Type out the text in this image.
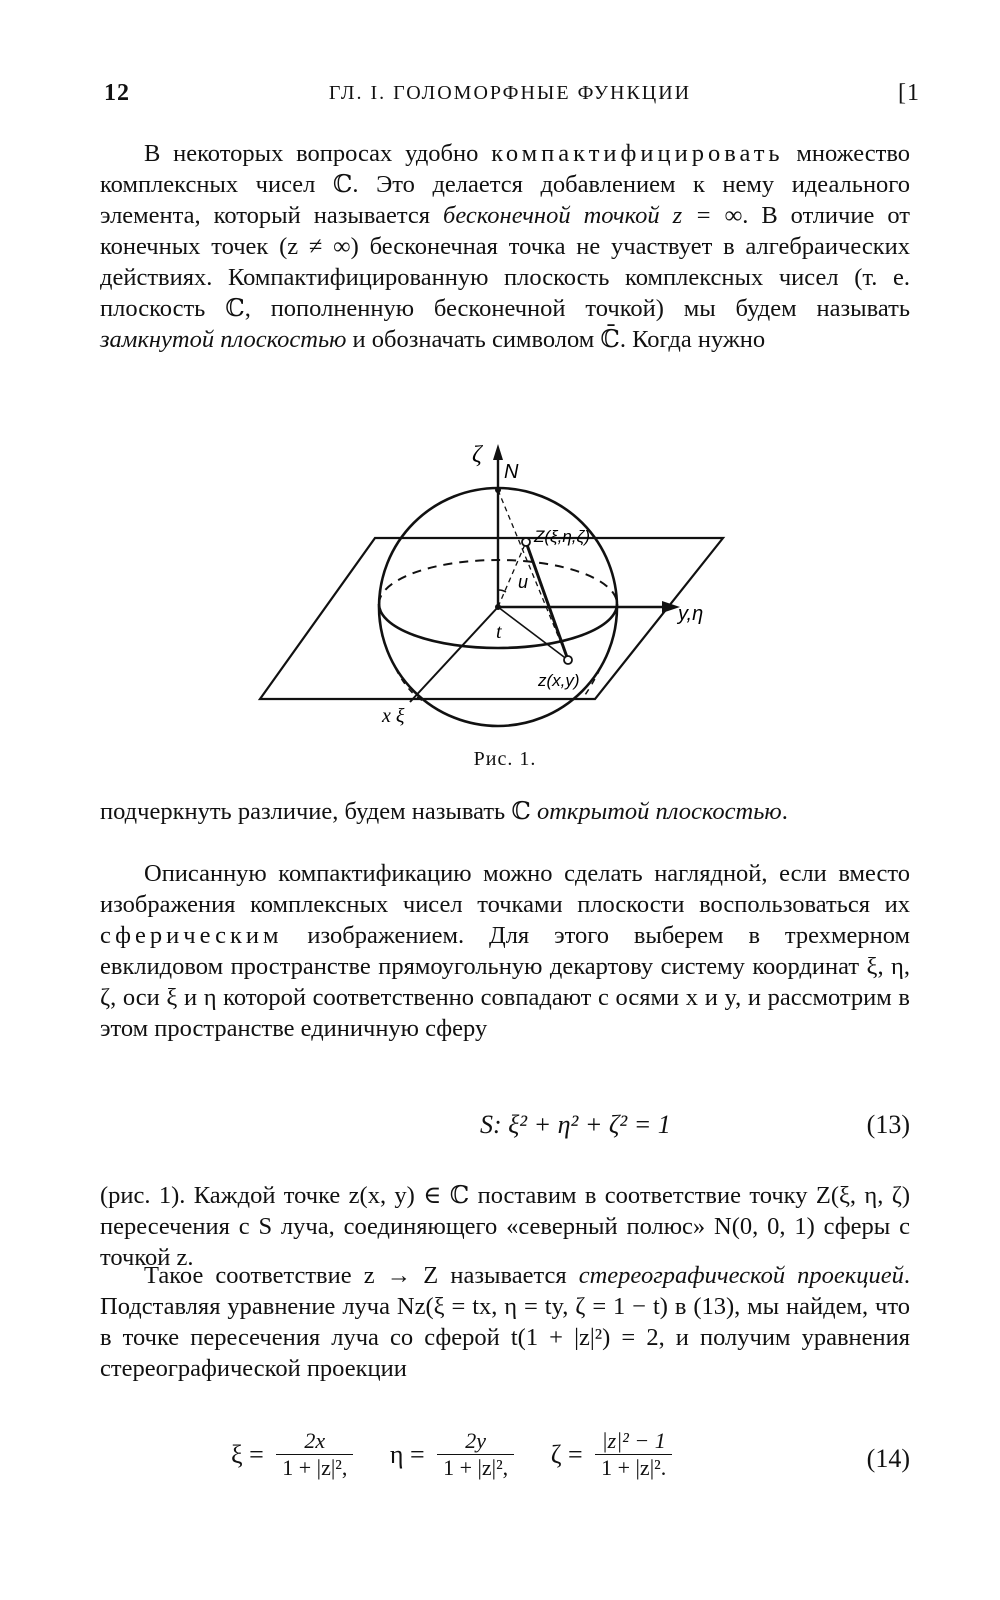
12	ГЛ. I. ГОЛОМОРФНЫЕ ФУНКЦИИ	[1
В некоторых вопросах удобно компактифицировать множество комплексных чисел ℂ. Это делается добавлением к нему идеального элемента, который называется бесконечной точкой z = ∞. В отличие от конечных точек (z ≠ ∞) бесконечная точка не участвует в алгебраических действиях. Компактифицированную плоскость комплексных чисел (т. е. плоскость ℂ, пополненную бесконечной точкой) мы будем называть замкнутой плоскостью и обозначать символом ℂ̄. Когда нужно
ζ
N
Z(ξ,η,ζ)
u
y,η
t
z(x,y)
x ξ
Рис. 1.
подчеркнуть различие, будем называть ℂ открытой плоскостью.
Описанную компактификацию можно сделать наглядной, если вместо изображения комплексных чисел точками плоскости воспользоваться их сферическим изображением. Для этого выберем в трехмерном евклидовом пространстве прямоугольную декартову систему координат ξ, η, ζ, оси ξ и η которой соответственно совпадают с осями x и y, и рассмотрим в этом пространстве единичную сферу
S: ξ² + η² + ζ² = 1	(13)
(рис. 1). Каждой точке z(x, y) ∈ ℂ поставим в соответствие точку Z(ξ, η, ζ) пересечения с S луча, соединяющего «северный полюс» N(0, 0, 1) сферы с точкой z.
Такое соответствие z → Z называется стереографической проекцией. Подставляя уравнение луча Nz(ξ = tx, η = ty, ζ = 1 − t) в (13), мы найдем, что в точке пересечения луча со сферой t(1 + |z|²) = 2, и получим уравнения стереографической проекции
$\xi = \frac{2x}{\text{1 + |z|²,}}$ $\eta = \frac{2y}{\text{1 + |z|²,}}$ $\zeta = \frac{\text{|z|² − 1}}{\text{1 + |z|².}}$	(14)
